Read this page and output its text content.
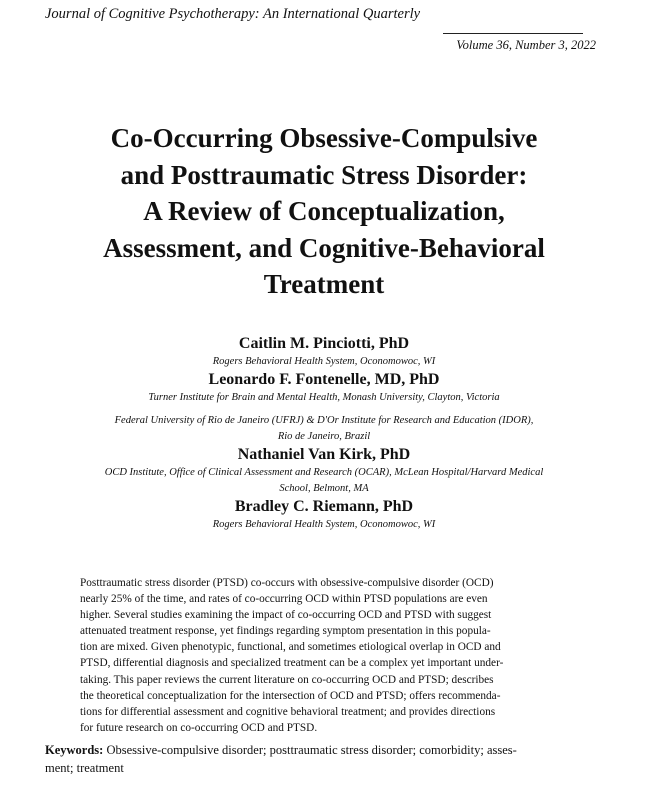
Journal of Cognitive Psychotherapy: An International Quarterly
Volume 36, Number 3, 2022
Co-Occurring Obsessive-Compulsive
and Posttraumatic Stress Disorder:
A Review of Conceptualization,
Assessment, and Cognitive-Behavioral
Treatment
Caitlin M. Pinciotti, PhD
Rogers Behavioral Health System, Oconomowoc, WI
Leonardo F. Fontenelle, MD, PhD
Turner Institute for Brain and Mental Health, Monash University, Clayton, Victoria
Federal University of Rio de Janeiro (UFRJ) & D'Or Institute for Research and Education (IDOR),
Rio de Janeiro, Brazil
Nathaniel Van Kirk, PhD
OCD Institute, Office of Clinical Assessment and Research (OCAR), McLean Hospital/Harvard Medical
School, Belmont, MA
Bradley C. Riemann, PhD
Rogers Behavioral Health System, Oconomowoc, WI

Posttraumatic stress disorder (PTSD) co-occurs with obsessive-compulsive disorder (OCD)
nearly 25% of the time, and rates of co-occurring OCD within PTSD populations are even
higher. Several studies examining the impact of co-occurring OCD and PTSD with suggest
attenuated treatment response, yet findings regarding symptom presentation in this popula-
tion are mixed. Given phenotypic, functional, and sometimes etiological overlap in OCD and
PTSD, differential diagnosis and specialized treatment can be a complex yet important under-
taking. This paper reviews the current literature on co-occurring OCD and PTSD; describes
the theoretical conceptualization for the intersection of OCD and PTSD; offers recommenda-
tions for differential assessment and cognitive behavioral treatment; and provides directions
for future research on co-occurring OCD and PTSD.

Keywords: Obsessive-compulsive disorder; posttraumatic stress disorder; comorbidity; asses-
ment; treatment
